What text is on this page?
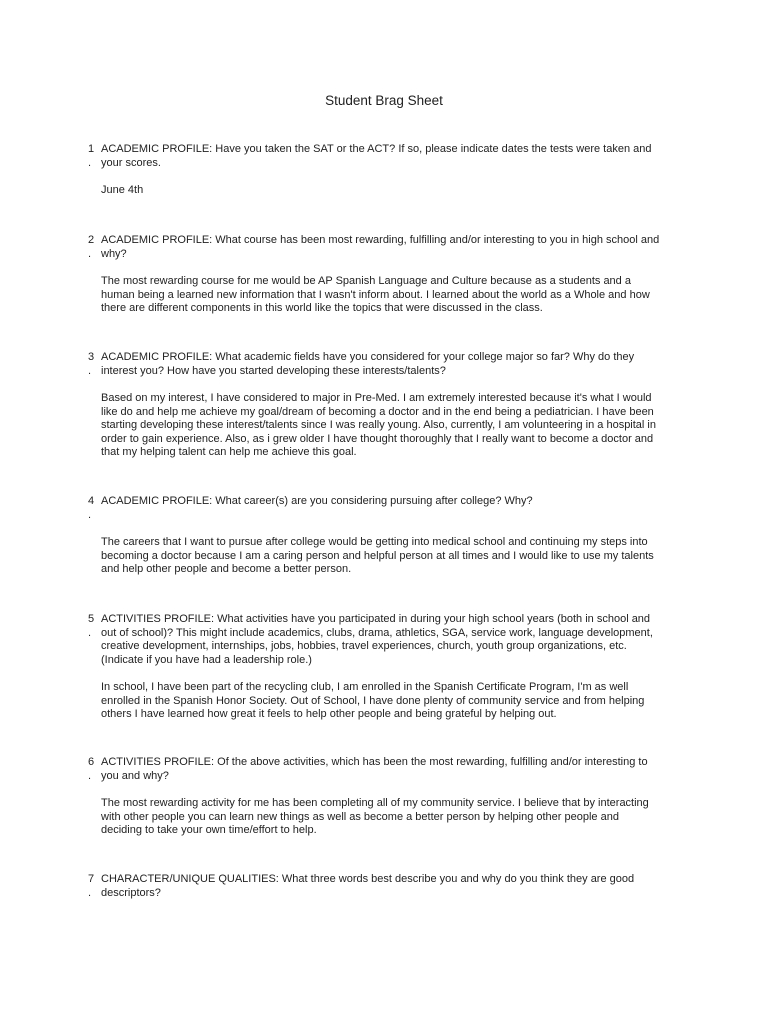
Student Brag Sheet
1
.
ACADEMIC PROFILE: Have you taken the SAT or the ACT? If so, please indicate dates the tests were taken and
your scores.
June 4th
2
.
ACADEMIC PROFILE: What course has been most rewarding, fulfilling and/or interesting to you in high school and
why?
The most rewarding course for me would be AP Spanish Language and Culture because as a students and a
human being a learned new information that I wasn't inform about. I learned about the world as a Whole and how
there are different components in this world like the topics that were discussed in the class.
3
.
ACADEMIC PROFILE: What academic fields have you considered for your college major so far? Why do they
interest you? How have you started developing these interests/talents?
Based on my interest, I have considered to major in Pre-Med. I am extremely interested because it's what I would
like do and help me achieve my goal/dream of becoming a doctor and in the end being a pediatrician. I have been
starting developing these interest/talents since I was really young. Also, currently, I am volunteering in a hospital in
order to gain experience. Also, as i grew older I have thought thoroughly that I really want to become a doctor and
that my helping talent can help me achieve this goal.
4
.
ACADEMIC PROFILE: What career(s) are you considering pursuing after college? Why?
The careers that I want to pursue after college would be getting into medical school and continuing my steps into
becoming a doctor because I am a caring person and helpful person at all times and I would like to use my talents
and help other people and become a better person.
5
.
ACTIVITIES PROFILE: What activities have you participated in during your high school years (both in school and
out of school)? This might include academics, clubs, drama, athletics, SGA, service work, language development,
creative development, internships, jobs, hobbies, travel experiences, church, youth group organizations, etc.
(Indicate if you have had a leadership role.)
In school, I have been part of the recycling club, I am enrolled in the Spanish Certificate Program, I'm as well
enrolled in the Spanish Honor Society. Out of School, I have done plenty of community service and from helping
others I have learned how great it feels to help other people and being grateful by helping out.
6
.
ACTIVITIES PROFILE: Of the above activities, which has been the most rewarding, fulfilling and/or interesting to
you and why?
The most rewarding activity for me has been completing all of my community service. I believe that by interacting
with other people you can learn new things as well as become a better person by helping other people and
deciding to take your own time/effort to help.
7
.
CHARACTER/UNIQUE QUALITIES: What three words best describe you and why do you think they are good
descriptors?
